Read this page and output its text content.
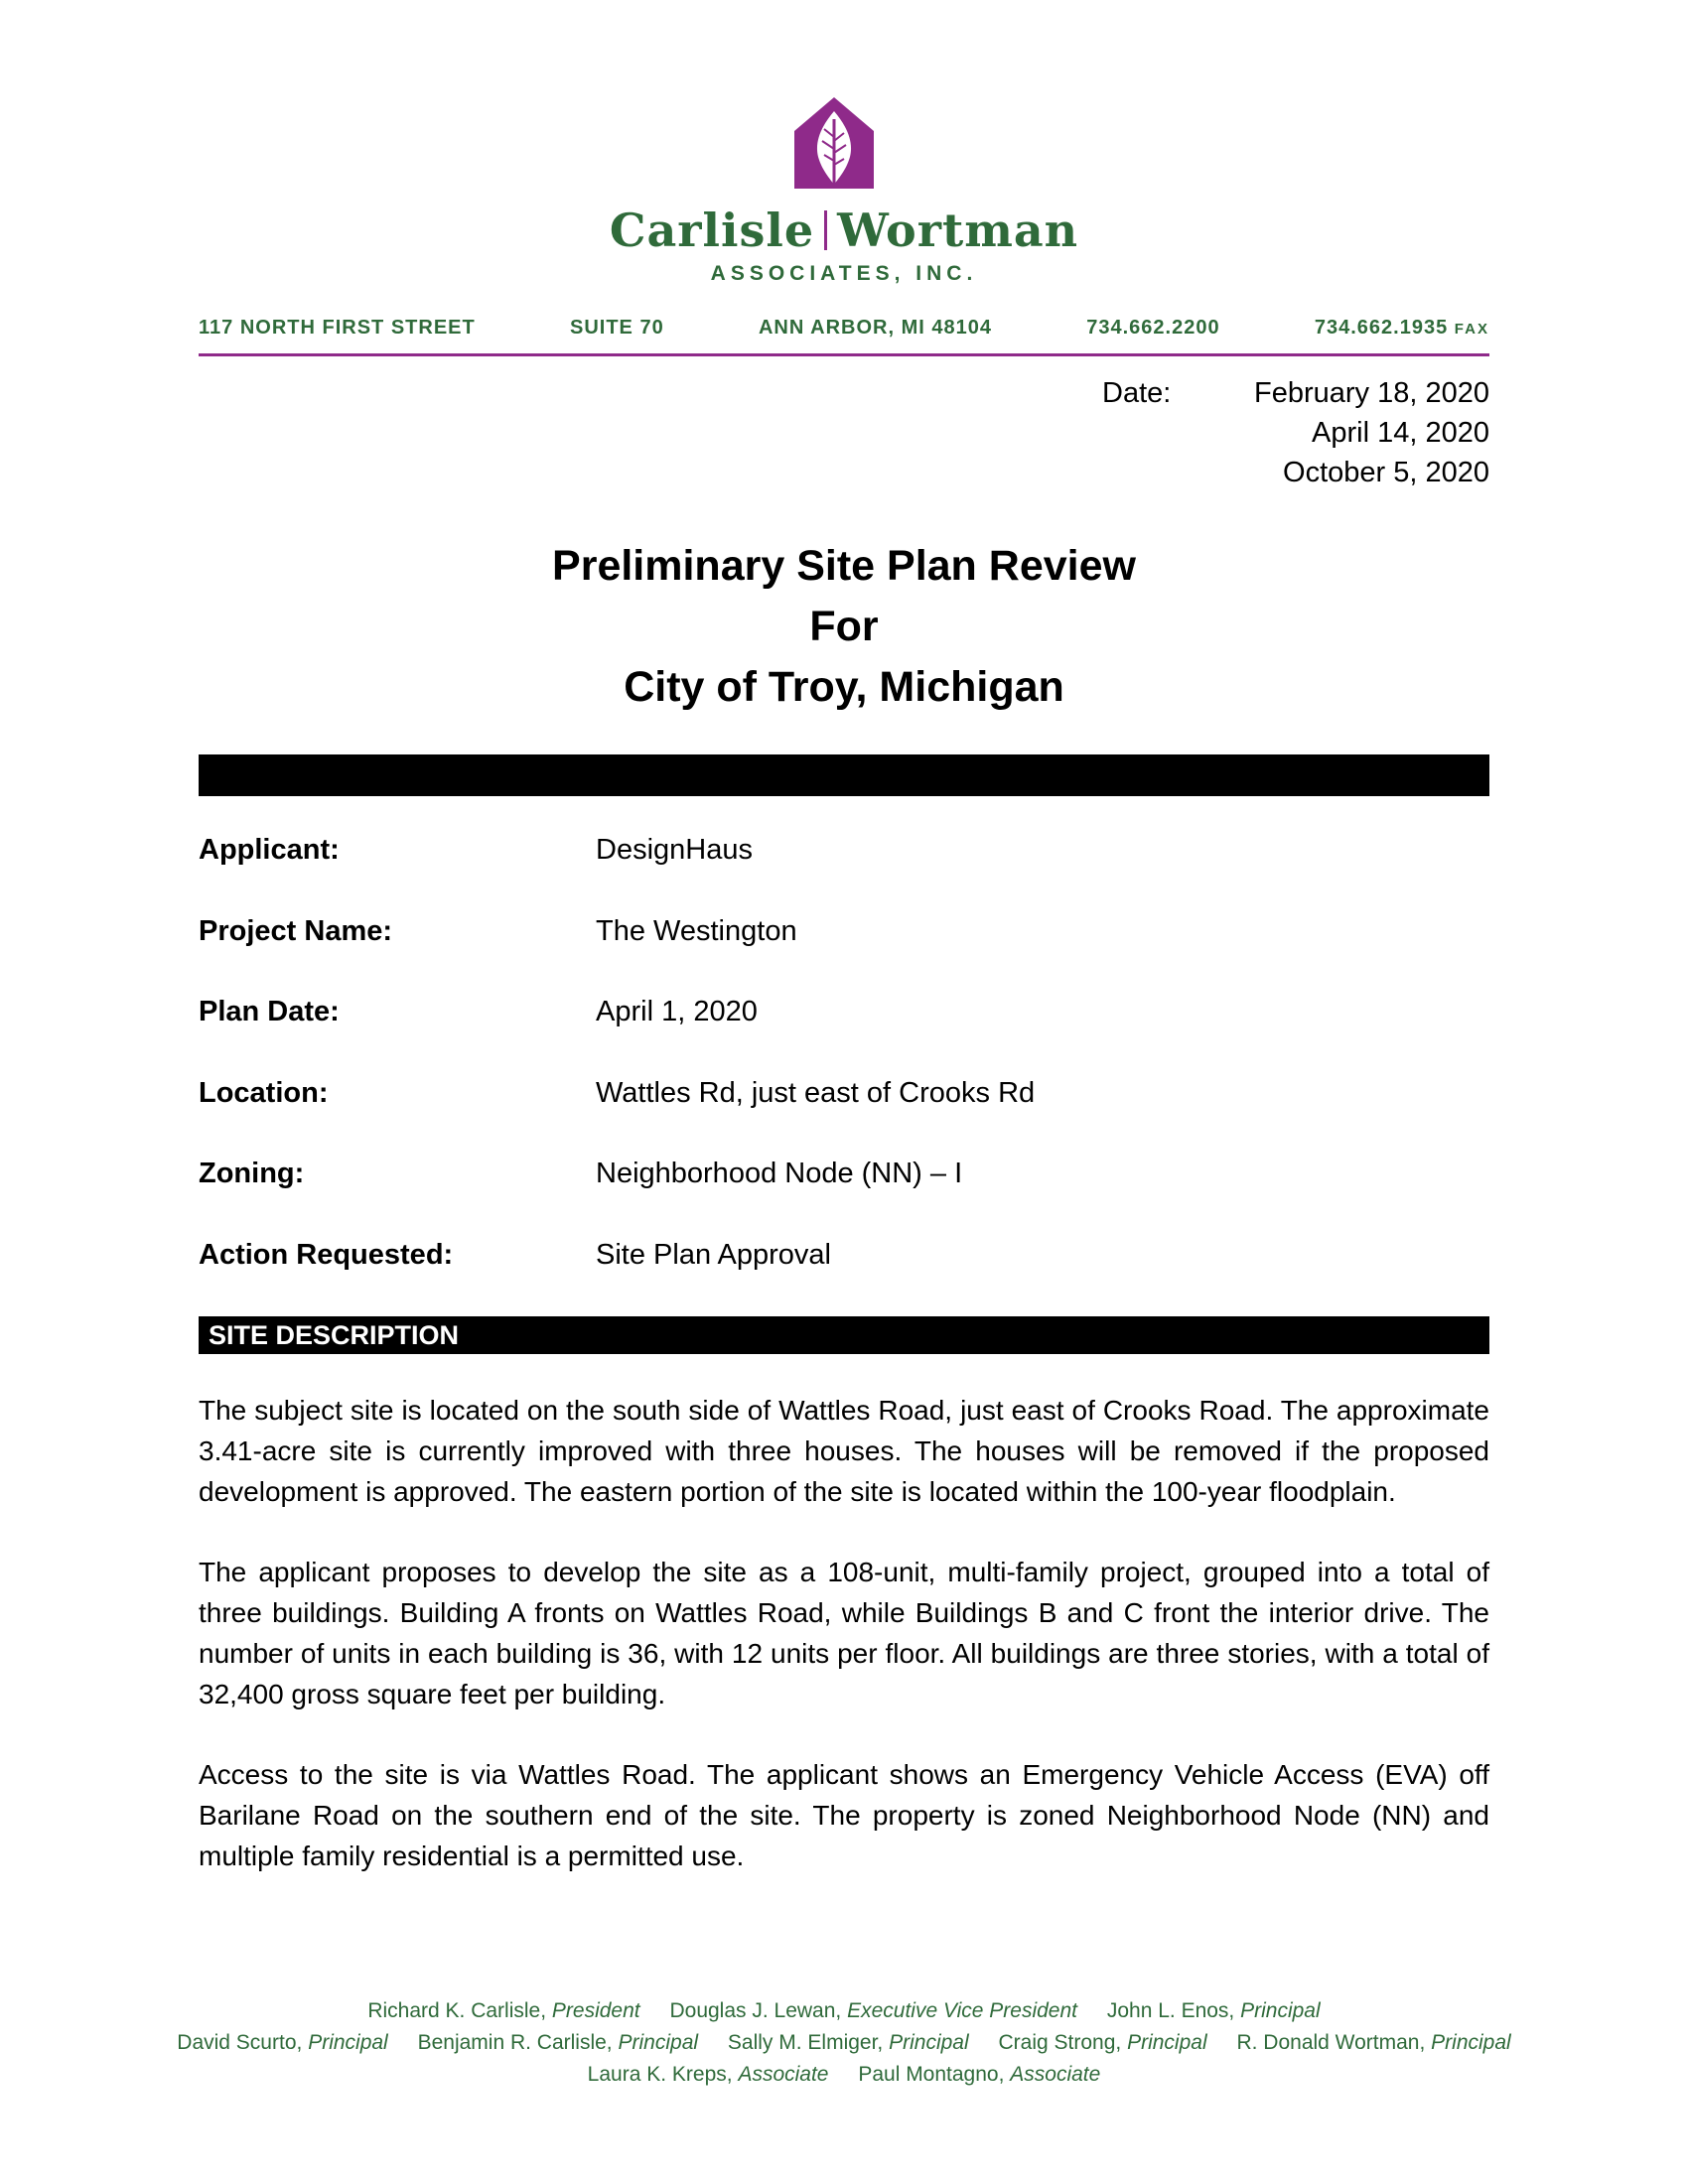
Carlisle Wortman
ASSOCIATES, INC.
117 NORTH FIRST STREET	SUITE 70	ANN ARBOR, MI 48104	734.662.2200	734.662.1935 FAX
Date:	February 18, 2020
April 14, 2020
October 5, 2020
Preliminary Site Plan Review
For
City of Troy, Michigan
Applicant:	DesignHaus
Project Name:	The Westington
Plan Date:	April 1, 2020
Location:	Wattles Rd, just east of Crooks Rd
Zoning:	Neighborhood Node (NN) – I
Action Requested:	Site Plan Approval
SITE DESCRIPTION

The subject site is located on the south side of Wattles Road, just east of Crooks Road. The approximate 3.41-acre site is currently improved with three houses. The houses will be removed if the proposed development is approved. The eastern portion of the site is located within the 100-year floodplain.

The applicant proposes to develop the site as a 108-unit, multi-family project, grouped into a total of three buildings. Building A fronts on Wattles Road, while Buildings B and C front the interior drive. The number of units in each building is 36, with 12 units per floor. All buildings are three stories, with a total of 32,400 gross square feet per building.

Access to the site is via Wattles Road. The applicant shows an Emergency Vehicle Access (EVA) off Barilane Road on the southern end of the site. The property is zoned Neighborhood Node (NN) and multiple family residential is a permitted use.

Richard K. Carlisle, President Douglas J. Lewan, Executive Vice President John L. Enos, Principal
David Scurto, Principal Benjamin R. Carlisle, Principal Sally M. Elmiger, Principal Craig Strong, Principal R. Donald Wortman, Principal
Laura K. Kreps, Associate Paul Montagno, Associate
